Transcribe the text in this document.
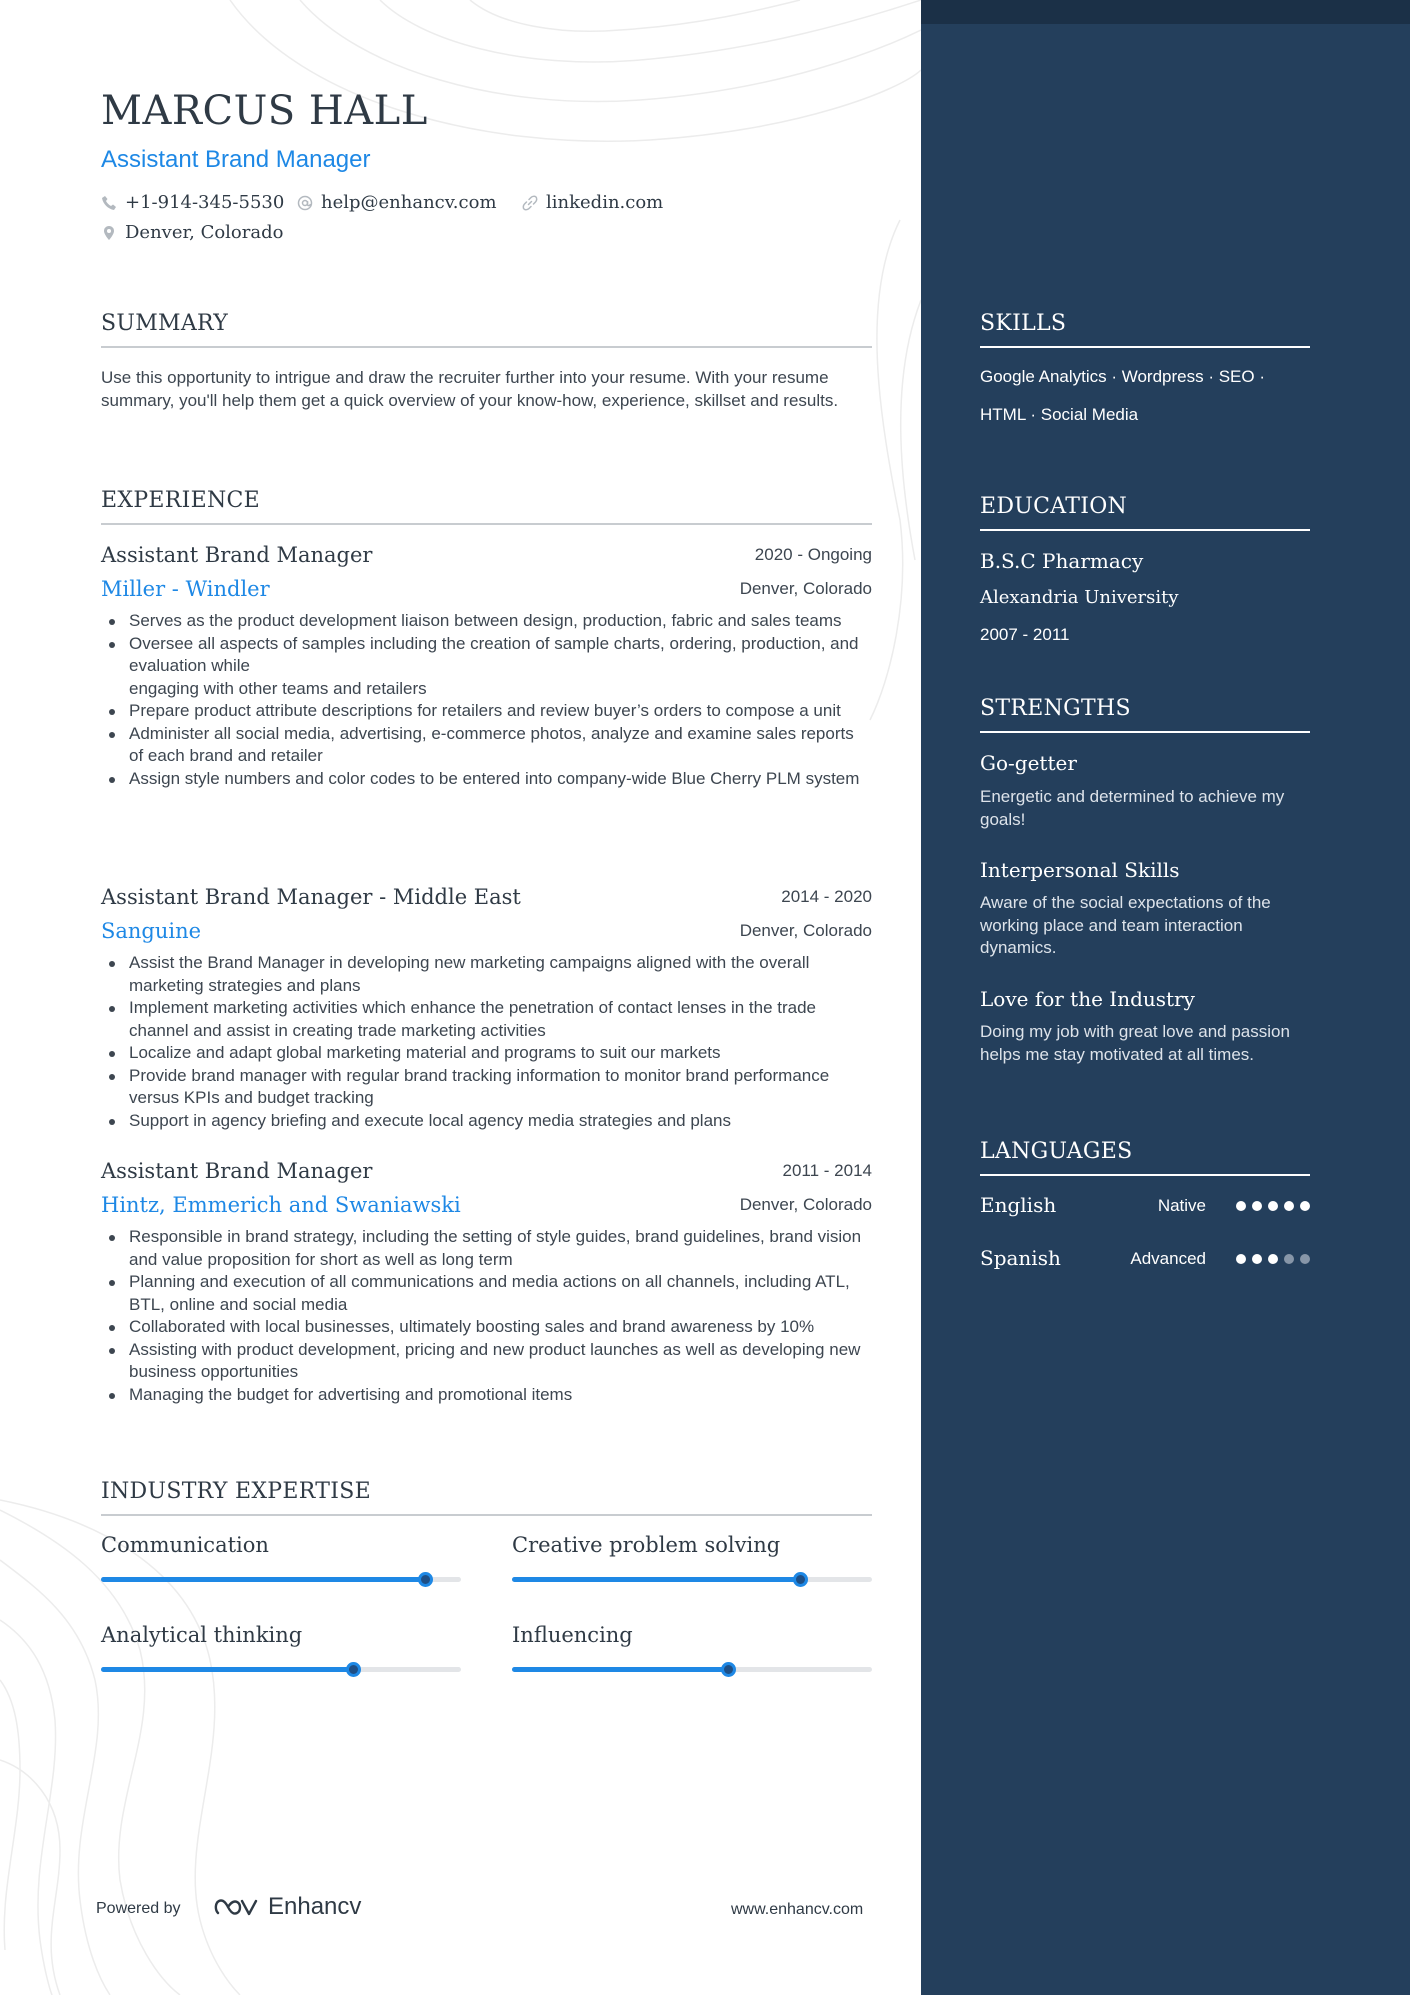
MARCUS HALL
Assistant Brand Manager
+1-914-345-5530 help@enhancv.com	linkedin.com
Denver, Colorado
SUMMARY

Use this opportunity to intrigue and draw the recruiter further into your resume. With your resume summary, you'll help them get a quick overview of your know-how, experience, skillset and results.

EXPERIENCE
Assistant Brand Manager	2020 - Ongoing
Miller - Windler	Denver, Colorado
Serves as the product development liaison between design, production, fabric and sales teams
Oversee all aspects of samples including the creation of sample charts, ordering, production, and evaluation while
engaging with other teams and retailers
Prepare product attribute descriptions for retailers and review buyer’s orders to compose a unit
Administer all social media, advertising, e-commerce photos, analyze and examine sales reports of each brand and retailer
Assign style numbers and color codes to be entered into company-wide Blue Cherry PLM system
Assistant Brand Manager - Middle East	2014 - 2020
Sanguine	Denver, Colorado
Assist the Brand Manager in developing new marketing campaigns aligned with the overall marketing strategies and plans
Implement marketing activities which enhance the penetration of contact lenses in the trade channel and assist in creating trade marketing activities
Localize and adapt global marketing material and programs to suit our markets
Provide brand manager with regular brand tracking information to monitor brand performance versus KPIs and budget tracking
Support in agency briefing and execute local agency media strategies and plans
Assistant Brand Manager	2011 - 2014
Hintz, Emmerich and Swaniawski	Denver, Colorado
Responsible in brand strategy, including the setting of style guides, brand guidelines, brand vision and value proposition for short as well as long term
Planning and execution of all communications and media actions on all channels, including ATL, BTL, online and social media
Collaborated with local businesses, ultimately boosting sales and brand awareness by 10%
Assisting with product development, pricing and new product launches as well as developing new business opportunities
Managing the budget for advertising and promotional items
INDUSTRY EXPERTISE
Communication	Creative problem solving
Analytical thinking	Influencing
Powered by	Enhancv	www.enhancv.com
SKILLS
Google Analytics · Wordpress · SEO ·
HTML · Social Media
EDUCATION
B.S.C Pharmacy
Alexandria University
2007 - 2011
STRENGTHS
Go-getter
Energetic and determined to achieve my goals!
Interpersonal Skills
Aware of the social expectations of the working place and team interaction dynamics.
Love for the Industry
Doing my job with great love and passion helps me stay motivated at all times.
LANGUAGES
English	Native
Spanish	Advanced
